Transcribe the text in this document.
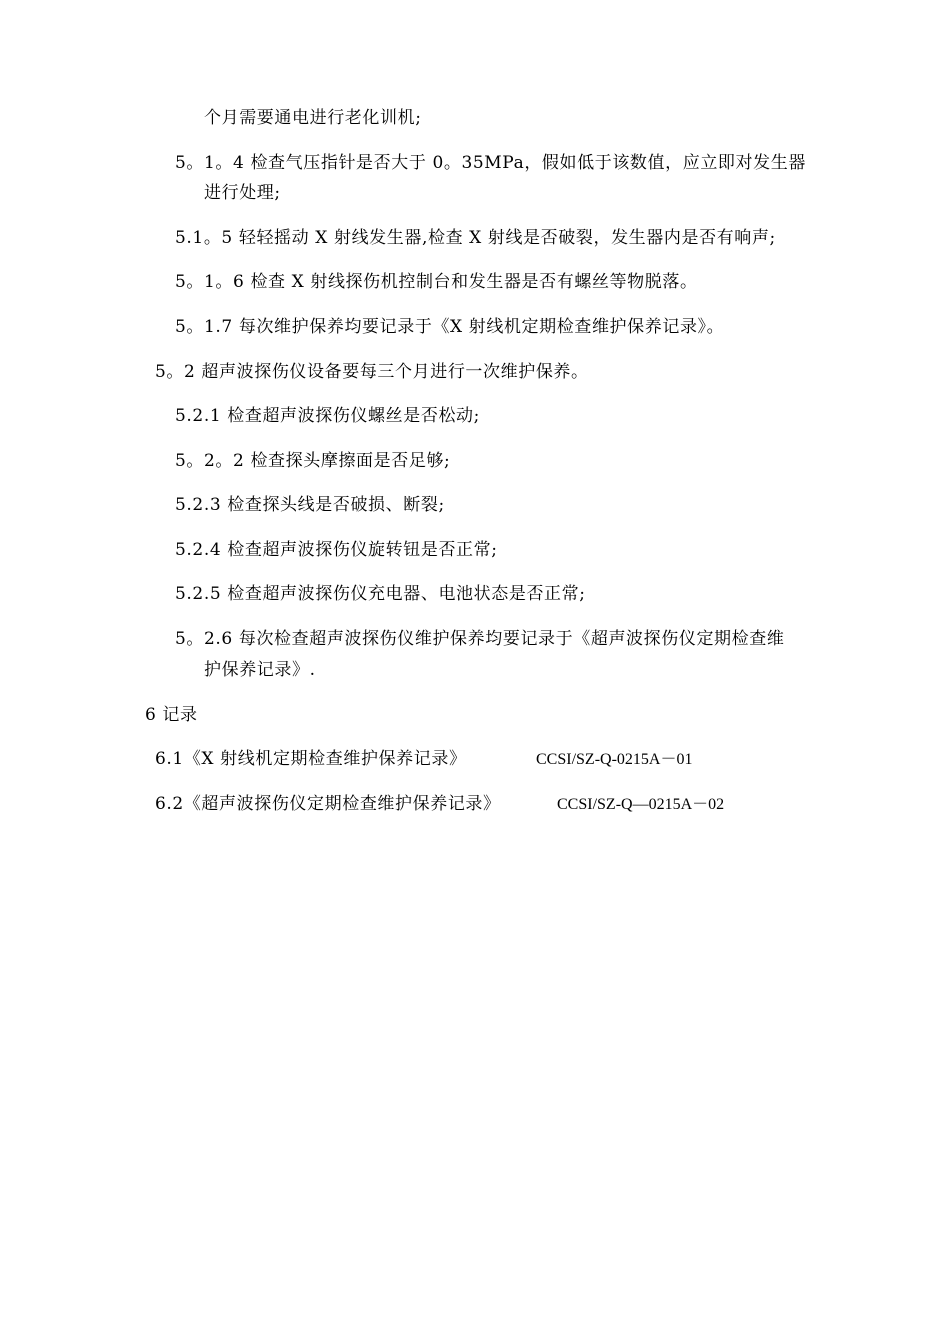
个月需要通电进行老化训机;
5。1。4 检查气压指针是否大于 0。35MPa，假如低于该数值，应立即对发生器
进行处理;
5.1。5 轻轻摇动 X 射线发生器,检查 X 射线是否破裂，发生器内是否有响声;
5。1。6 检查 X 射线探伤机控制台和发生器是否有螺丝等物脱落。
5。1.7 每次维护保养均要记录于《X 射线机定期检查维护保养记录》。
5。2 超声波探伤仪设备要每三个月进行一次维护保养。
5.2.1 检查超声波探伤仪螺丝是否松动;
5。2。2 检查探头摩擦面是否足够;
5.2.3 检查探头线是否破损、断裂;
5.2.4 检查超声波探伤仪旋转钮是否正常;
5.2.5 检查超声波探伤仪充电器、电池状态是否正常;
5。2.6 每次检查超声波探伤仪维护保养均要记录于《超声波探伤仪定期检查维
护保养记录》.
6 记录
6.1《X 射线机定期检查维护保养记录》	CCSI/SZ-Q-0215A－01
6.2《超声波探伤仪定期检查维护保养记录》	CCSI/SZ-Q—0215A－02
